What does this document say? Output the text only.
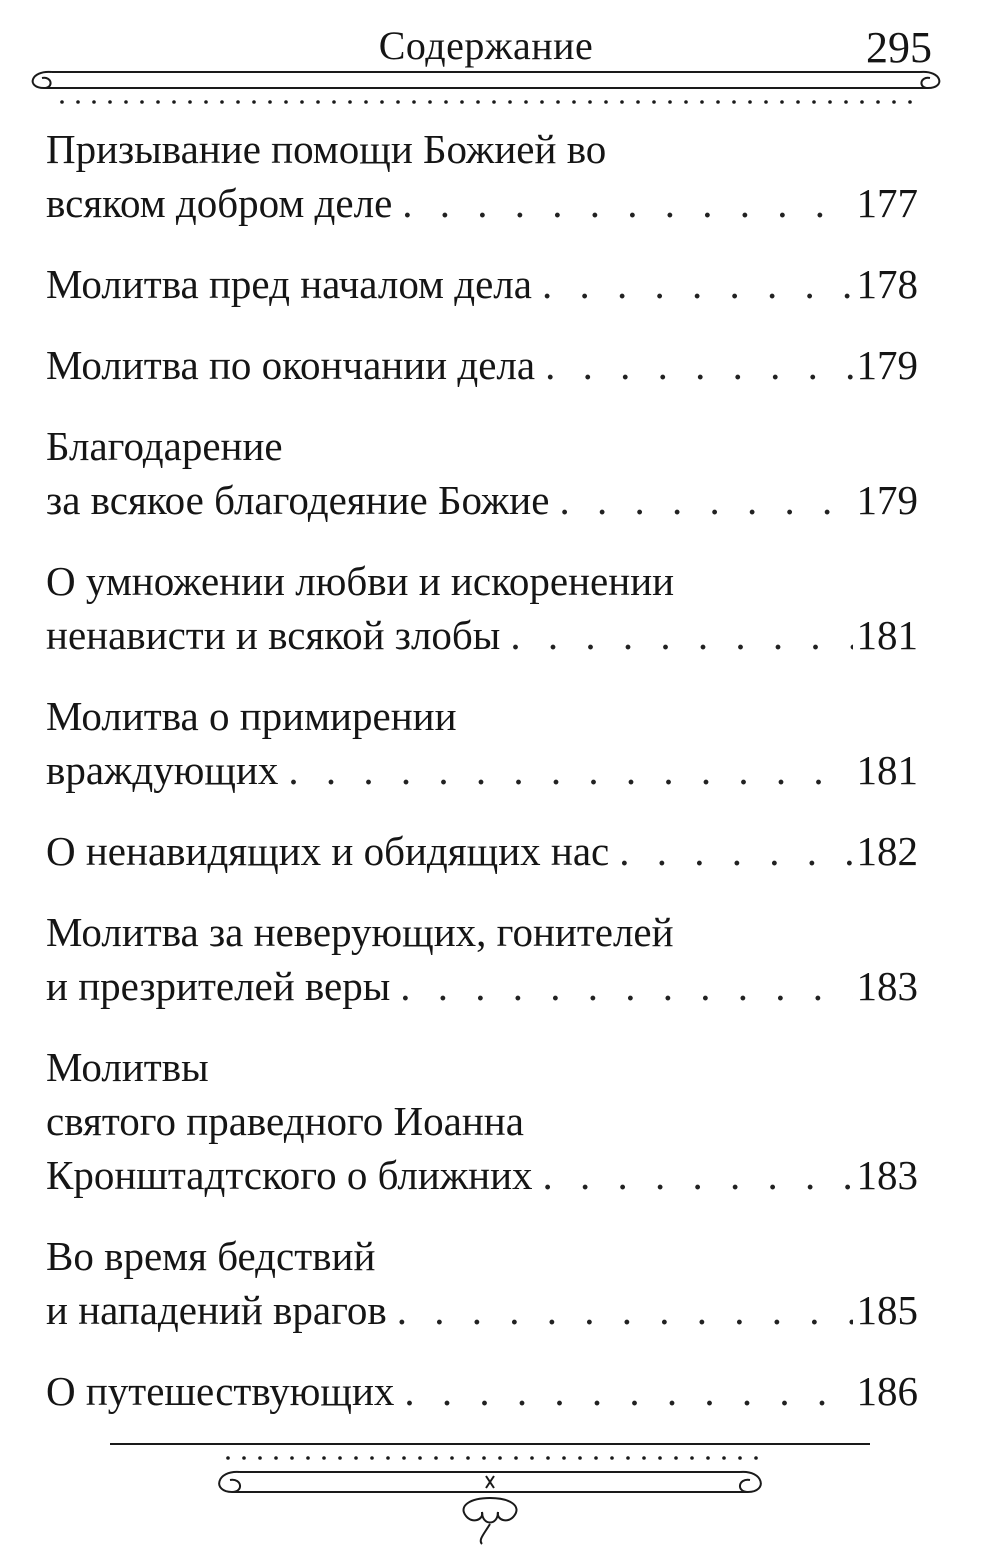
Содержание	295
Призывание помощи Божией во
всяком добром деле . . .	177
Молитва пред началом дела . . .	178
Молитва по окончании дела . . .	179
Благодарение
за всякое благодеяние Божие . . .	179
О умножении любви и искоренении
ненависти и всякой злобы . . .	181
Молитва о примирении
враждующих . . .	181
О ненавидящих и обидящих нас . . .	182
Молитва за неверующих, гонителей
и презрителей веры . . .	183
Молитвы
святого праведного Иоанна
Кронштадтского о ближних . . .	183
Во время бедствий
и нападений врагов . . .	185
О путешествующих . . .	186
